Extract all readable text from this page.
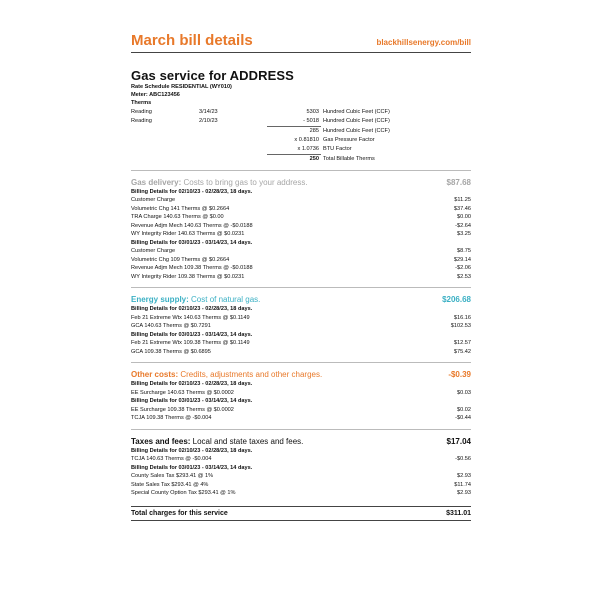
March bill details	blackhillsenergy.com/bill
Gas service for ADDRESS
Rate Schedule RESIDENTIAL (WY010)
Meter: ABC123456
Therms
Reading	3/14/23	5303 Hundred Cubic Feet (CCF)
Reading	2/10/23	- 5018 Hundred Cubic Feet (CCF)
285 Hundred Cubic Feet (CCF)
x 0.81810 Gas Pressure Factor
x 1.0736 BTU Factor
250 Total Billable Therms
Gas delivery: Costs to bring gas to your address.	$87.68
Billing Details for 02/10/23 - 02/28/23, 18 days.
Customer Charge	$11.25
Volumetric Chg 141 Therms @ $0.2664	$37.46
TRA Charge 140.63 Therms @ $0.00	$0.00
Revenue Adjm Mech 140.63 Therms @ -$0.0188	-$2.64
WY Integrity Rider 140.63 Therms @ $0.0231	$3.25
Billing Details for 03/01/23 - 03/14/23, 14 days.
Customer Charge	$8.75
Volumetric Chg 109 Therms @ $0.2664	$29.14
Revenue Adjm Mech 109.38 Therms @ -$0.0188	-$2.06
WY Integrity Rider 109.38 Therms @ $0.0231	$2.53
Energy supply: Cost of natural gas.	$206.68
Billing Details for 02/10/23 - 02/28/23, 18 days.
Feb 21 Extreme Wtx 140.63 Therms @ $0.1149	$16.16
GCA 140.63 Therms @ $0.7291	$102.53
Billing Details for 03/01/23 - 03/14/23, 14 days.
Feb 21 Extreme Wtx 109.38 Therms @ $0.1149	$12.57
GCA 109.38 Therms @ $0.6895	$75.42
Other costs: Credits, adjustments and other charges.	-$0.39
Billing Details for 02/10/23 - 02/28/23, 18 days.
EE Surcharge 140.63 Therms @ $0.0002	$0.03
Billing Details for 03/01/23 - 03/14/23, 14 days.
EE Surcharge 109.38 Therms @ $0.0002	$0.02
TCJA 109.38 Therms @ -$0.004	-$0.44
Taxes and fees: Local and state taxes and fees.	$17.04
Billing Details for 02/10/23 - 02/28/23, 18 days.
TCJA 140.63 Therms @ -$0.004	-$0.56
Billing Details for 03/01/23 - 03/14/23, 14 days.
County Sales Tax $293.41 @ 1%	$2.93
State Sales Tax $293.41 @ 4%	$11.74
Special County Option Tax $293.41 @ 1%	$2.93
Total charges for this service	$311.01
